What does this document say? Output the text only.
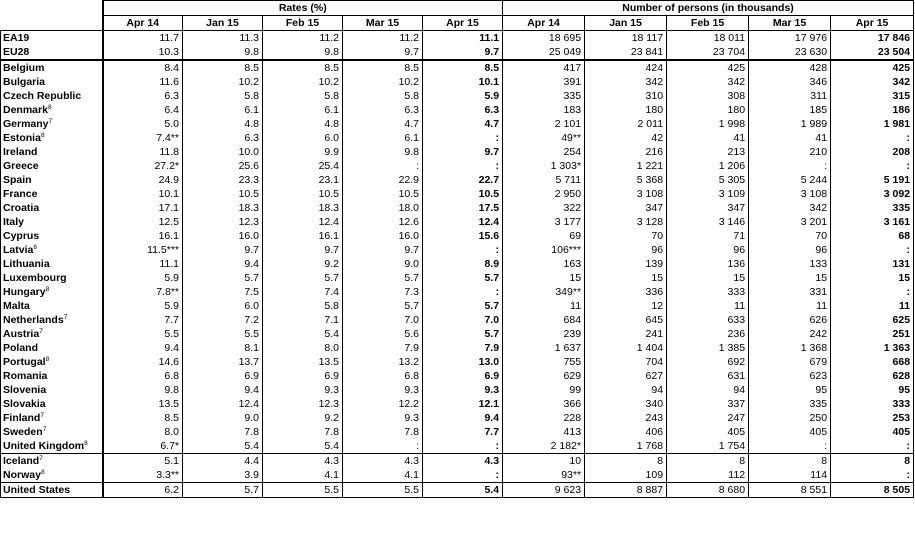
	Rates (%)					Number of persons (in thousands)				
	Apr 14	Jan 15	Feb 15	Mar 15	Apr 15	Apr 14	Jan 15	Feb 15	Mar 15	Apr 15
EA19	11.7	11.3	11.2	11.2	11.1	18 695	18 117	18 011	17 976	17 846
EU28	10.3	9.8	9.8	9.7	9.7	25 049	23 841	23 704	23 630	23 504
Belgium	8.4	8.5	8.5	8.5	8.5	417	424	425	428	425
Bulgaria	11.6	10.2	10.2	10.2	10.1	391	342	342	346	342
Czech Republic	6.3	5.8	5.8	5.8	5.9	335	310	308	311	315
Denmark$^8$	6.4	6.1	6.1	6.3	6.3	183	180	180	185	186
Germany$^7$	5.0	4.8	4.8	4.7	4.7	2 101	2 011	1 998	1 989	1 981
Estonia$^8$	7.4**	6.3	6.0	6.1	:	49**	42	41	41	:
Ireland	11.8	10.0	9.9	9.8	9.7	254	216	213	210	208
Greece	27.2*	25.6	25.4	:	:	1 303*	1 221	1 206	:	:
Spain	24.9	23.3	23.1	22.9	22.7	5 711	5 368	5 305	5 244	5 191
France	10.1	10.5	10.5	10.5	10.5	2 950	3 108	3 109	3 108	3 092
Croatia	17.1	18.3	18.3	18.0	17.5	322	347	347	342	335
Italy	12.5	12.3	12.4	12.6	12.4	3 177	3 128	3 146	3 201	3 161
Cyprus	16.1	16.0	16.1	16.0	15.6	69	70	71	70	68
Latvia$^6$	11.5***	9.7	9.7	9.7	:	106***	96	96	96	:
Lithuania	11.1	9.4	9.2	9.0	8.9	163	139	136	133	131
Luxembourg	5.9	5.7	5.7	5.7	5.7	15	15	15	15	15
Hungary$^8$	7.8**	7.5	7.4	7.3	:	349**	336	333	331	:
Malta	5.9	6.0	5.8	5.7	5.7	11	12	11	11	11
Netherlands$^7$	7.7	7.2	7.1	7.0	7.0	684	645	633	626	625
Austria$^7$	5.5	5.5	5.4	5.6	5.7	239	241	236	242	251
Poland	9.4	8.1	8.0	7.9	7.9	1 637	1 404	1 385	1 368	1 363
Portugal$^8$	14.6	13.7	13.5	13.2	13.0	755	704	692	679	668
Romania	6.8	6.9	6.9	6.8	6.9	629	627	631	623	628
Slovenia	9.8	9.4	9.3	9.3	9.3	99	94	94	95	95
Slovakia	13.5	12.4	12.3	12.2	12.1	366	340	337	335	333
Finland$^7$	8.5	9.0	9.2	9.3	9.4	228	243	247	250	253
Sweden$^7$	8.0	7.8	7.8	7.8	7.7	413	406	405	405	405
United Kingdom$^8$	6.7*	5.4	5.4	:	:	2 182*	1 768	1 754	:	:
Iceland$^7$	5.1	4.4	4.3	4.3	4.3	10	8	8	8	8
Norway$^8$	3.3**	3.9	4.1	4.1	:	93**	109	112	114	:
United States	6.2	5.7	5.5	5.5	5.4	9 623	8 887	8 680	8 551	8 505
